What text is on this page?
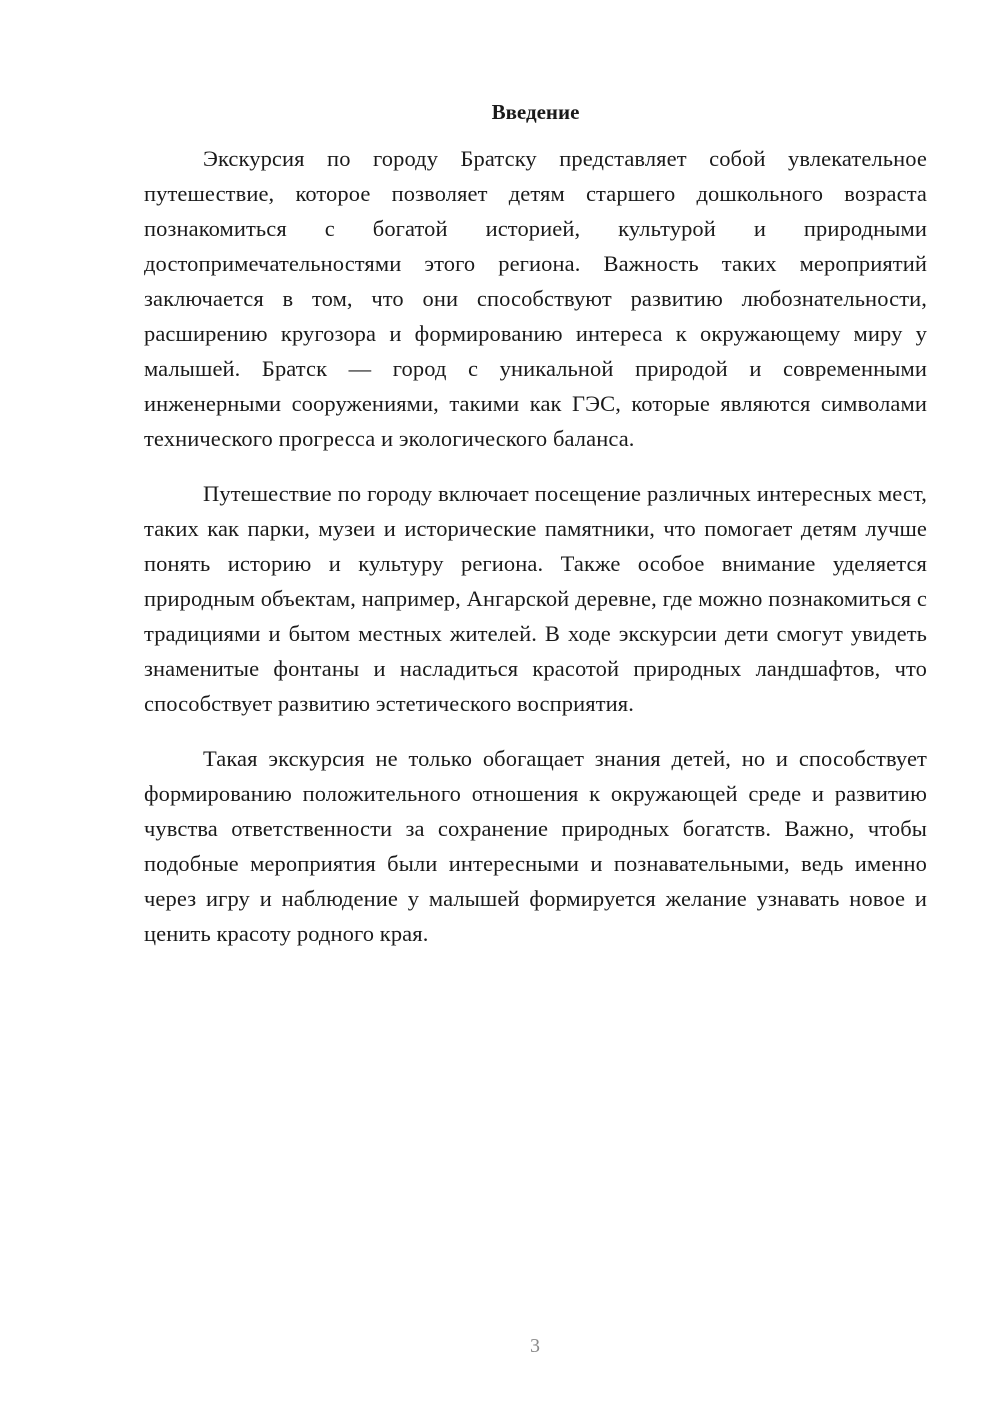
Введение

Экскурсия по городу Братску представляет собой увлекательное путешествие, которое позволяет детям старшего дошкольного возраста познакомиться с богатой историей, культурой и природными достопримечательностями этого региона. Важность таких мероприятий заключается в том, что они способствуют развитию любознательности, расширению кругозора и формированию интереса к окружающему миру у малышей. Братск — город с уникальной природой и современными инженерными сооружениями, такими как ГЭС, которые являются символами технического прогресса и экологического баланса.

Путешествие по городу включает посещение различных интересных мест, таких как парки, музеи и исторические памятники, что помогает детям лучше понять историю и культуру региона. Также особое внимание уделяется природным объектам, например, Ангарской деревне, где можно познакомиться с традициями и бытом местных жителей. В ходе экскурсии дети смогут увидеть знаменитые фонтаны и насладиться красотой природных ландшафтов, что способствует развитию эстетического восприятия.

Такая экскурсия не только обогащает знания детей, но и способствует формированию положительного отношения к окружающей среде и развитию чувства ответственности за сохранение природных богатств. Важно, чтобы подобные мероприятия были интересными и познавательными, ведь именно через игру и наблюдение у малышей формируется желание узнавать новое и ценить красоту родного края.

3
